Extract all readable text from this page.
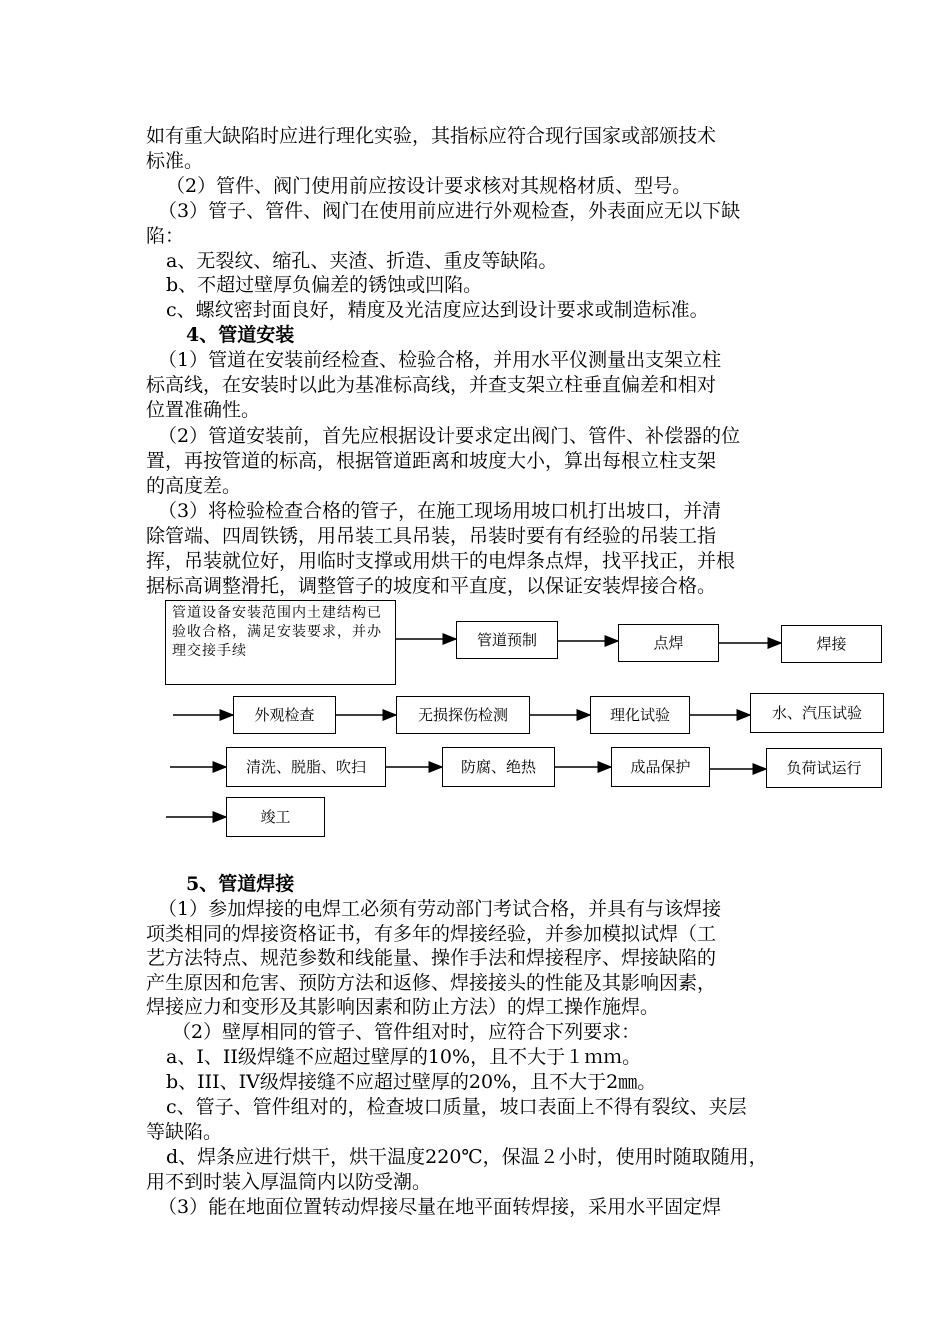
如有重大缺陷时应进行理化实验，其指标应符合现行国家或部颁技术
标准。
（2）管件、阀门使用前应按设计要求核对其规格材质、型号。
（3）管子、管件、阀门在使用前应进行外观检查，外表面应无以下缺
陷：
a、无裂纹、缩孔、夹渣、折造、重皮等缺陷。
b、不超过壁厚负偏差的锈蚀或凹陷。
c、螺纹密封面良好，精度及光洁度应达到设计要求或制造标准。
4、管道安装
（1）管道在安装前经检查、检验合格，并用水平仪测量出支架立柱
标高线，在安装时以此为基准标高线，并查支架立柱垂直偏差和相对
位置准确性。
（2）管道安装前，首先应根据设计要求定出阀门、管件、补偿器的位
置，再按管道的标高，根据管道距离和坡度大小，算出每根立柱支架
的高度差。
（3）将检验检查合格的管子，在施工现场用坡口机打出坡口，并清
除管端、四周铁锈，用吊装工具吊装，吊装时要有有经验的吊装工指
挥，吊装就位好，用临时支撑或用烘干的电焊条点焊，找平找正，并根
据标高调整滑托，调整管子的坡度和平直度，以保证安装焊接合格。
管道设备安装范围内土建结构已验收合格，满足安装要求，并办理交接手续
管道预制	点焊	焊接
外观检查	无损探伤检测	理化试验	水、汽压试验
清洗、脱脂、吹扫	防腐、绝热	成品保护	负荷试运行
竣工
5、管道焊接
（1）参加焊接的电焊工必须有劳动部门考试合格，并具有与该焊接
项类相同的焊接资格证书，有多年的焊接经验，并参加模拟试焊（工
艺方法特点、规范参数和线能量、操作手法和焊接程序、焊接缺陷的
产生原因和危害、预防方法和返修、焊接接头的性能及其影响因素，
焊接应力和变形及其影响因素和防止方法）的焊工操作施焊。
（2）壁厚相同的管子、管件组对时，应符合下列要求：
a、I、II级焊缝不应超过壁厚的10%，且不大于１ｍｍ。
b、III、IV级焊接缝不应超过壁厚的20%，且不大于2㎜。
c、管子、管件组对的，检查坡口质量，坡口表面上不得有裂纹、夹层
等缺陷。
d、焊条应进行烘干，烘干温度220℃，保温２小时，使用时随取随用，
用不到时装入厚温筒内以防受潮。
（3）能在地面位置转动焊接尽量在地平面转焊接，采用水平固定焊
